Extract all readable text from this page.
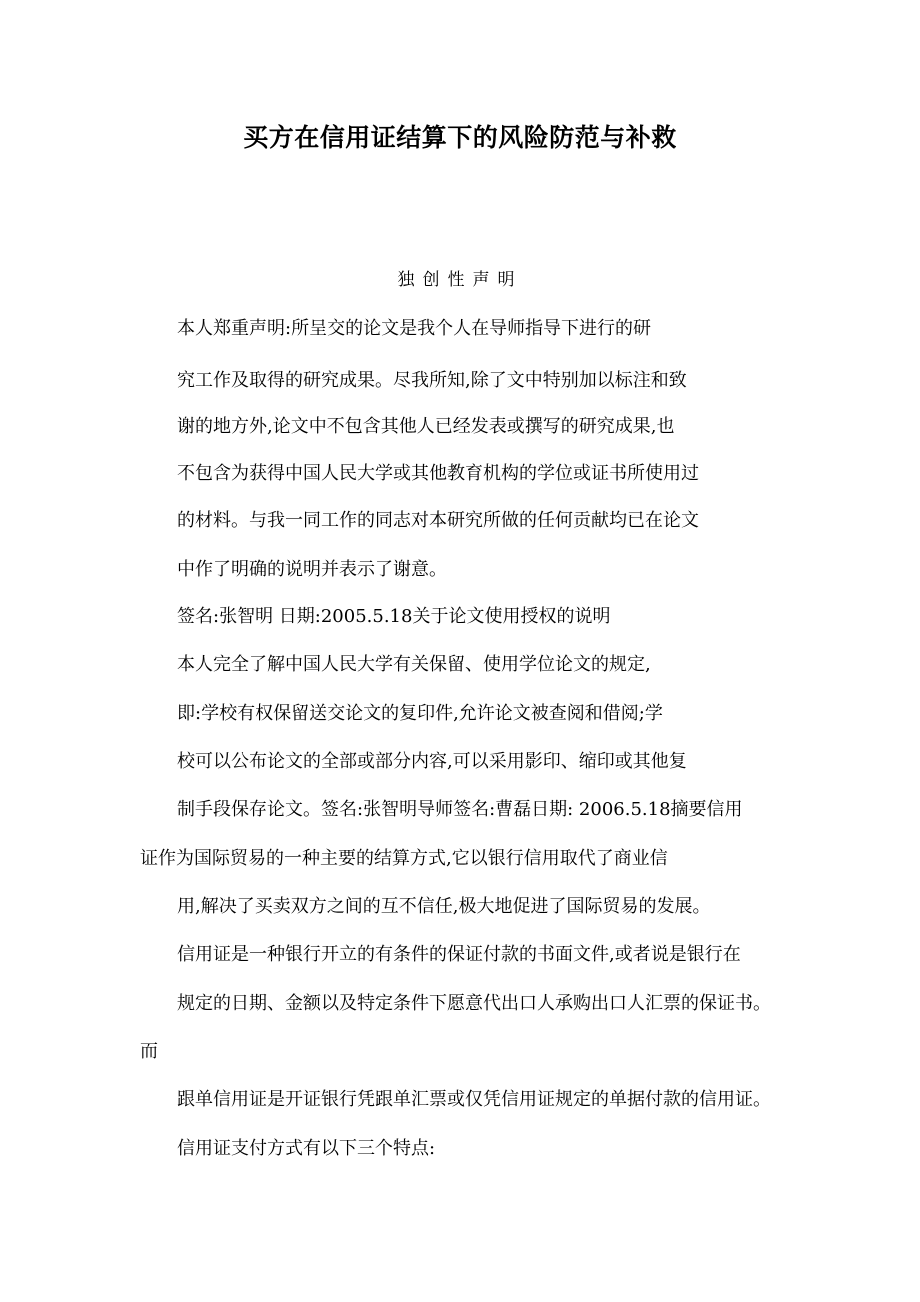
买方在信用证结算下的风险防范与补救
独创性声明
本人郑重声明:所呈交的论文是我个人在导师指导下进行的研
究工作及取得的研究成果。尽我所知,除了文中特别加以标注和致
谢的地方外,论文中不包含其他人已经发表或撰写的研究成果,也
不包含为获得中国人民大学或其他教育机构的学位或证书所使用过
的材料。与我一同工作的同志对本研究所做的任何贡献均已在论文
中作了明确的说明并表示了谢意。
签名:张智明 日期:2005.5.18关于论文使用授权的说明
本人完全了解中国人民大学有关保留、使用学位论文的规定,
即:学校有权保留送交论文的复印件,允许论文被查阅和借阅;学
校可以公布论文的全部或部分内容,可以采用影印、缩印或其他复
制手段保存论文。签名:张智明导师签名:曹磊日期: 2006.5.18摘要信用
证作为国际贸易的一种主要的结算方式,它以银行信用取代了商业信
用,解决了买卖双方之间的互不信任,极大地促进了国际贸易的发展。
信用证是一种银行开立的有条件的保证付款的书面文件,或者说是银行在
规定的日期、金额以及特定条件下愿意代出口人承购出口人汇票的保证书。
而
跟单信用证是开证银行凭跟单汇票或仅凭信用证规定的单据付款的信用证。
信用证支付方式有以下三个特点:
